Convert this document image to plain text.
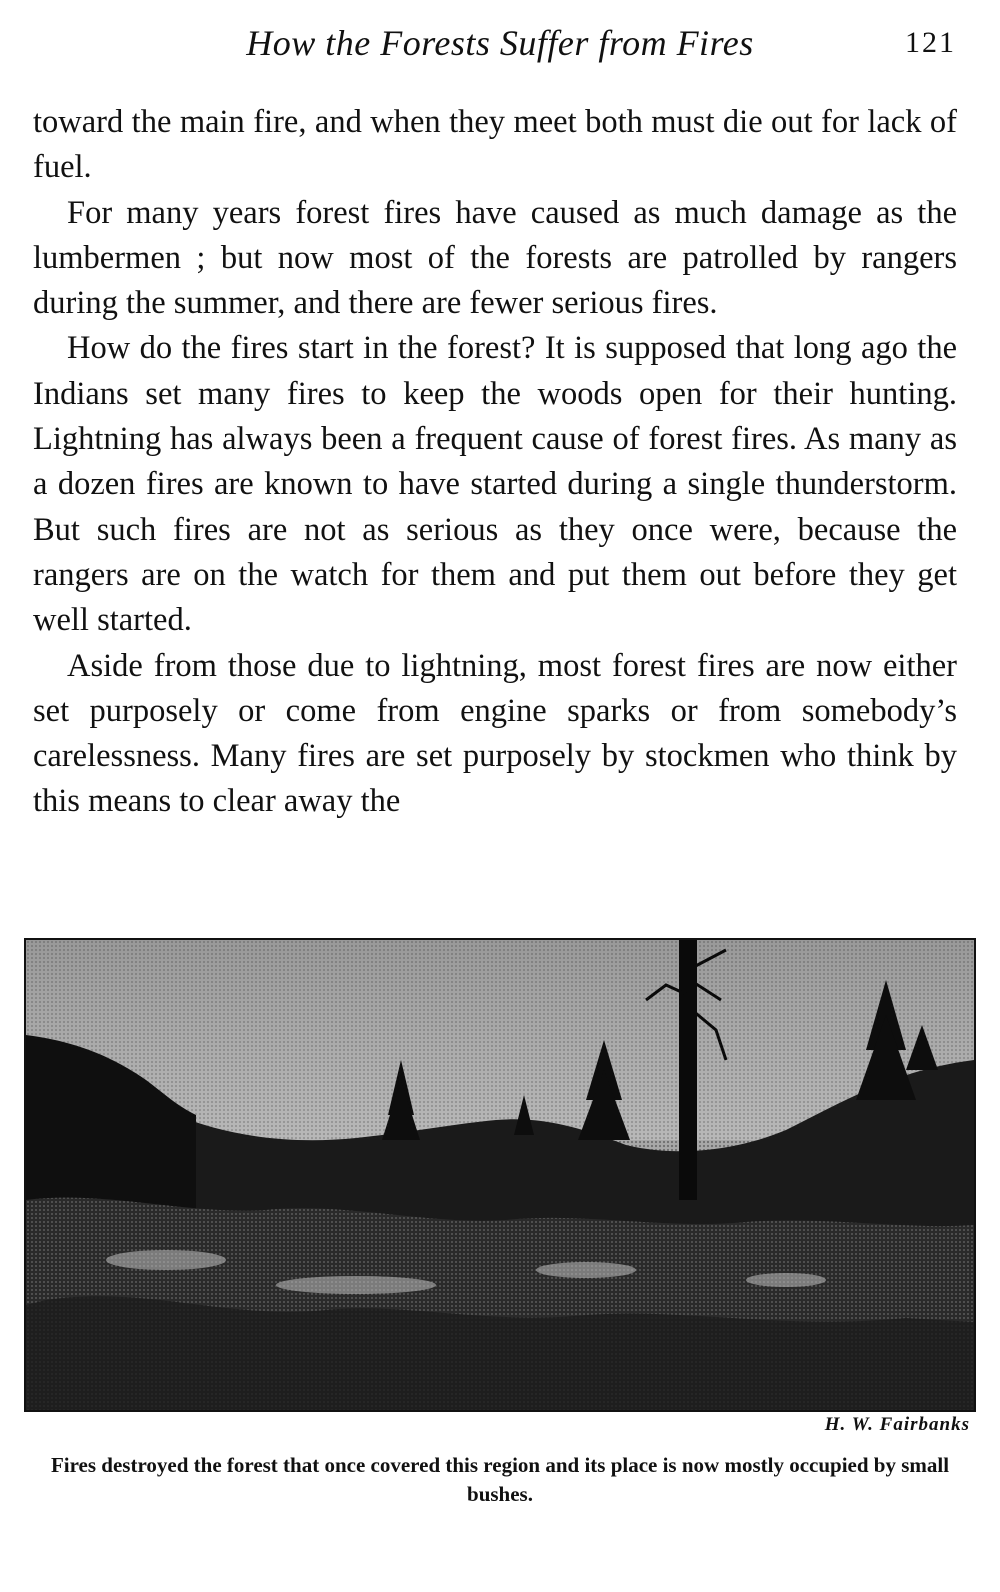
How the Forests Suffer from Fires	121

toward the main fire, and when they meet both must die out for lack of fuel.

For many years forest fires have caused as much damage as the lumbermen ; but now most of the forests are patrolled by rangers during the summer, and there are fewer serious fires.

How do the fires start in the forest? It is supposed that long ago the Indians set many fires to keep the woods open for their hunting. Lightning has always been a frequent cause of forest fires. As many as a dozen fires are known to have started during a single thunderstorm. But such fires are not as serious as they once were, because the rangers are on the watch for them and put them out before they get well started.

Aside from those due to lightning, most forest fires are now either set purposely or come from engine sparks or from somebody’s carelessness. Many fires are set purposely by stockmen who think by this means to clear away the

H. W. Fairbanks
Fires destroyed the forest that once covered this region and its place is now mostly occupied by small bushes.
